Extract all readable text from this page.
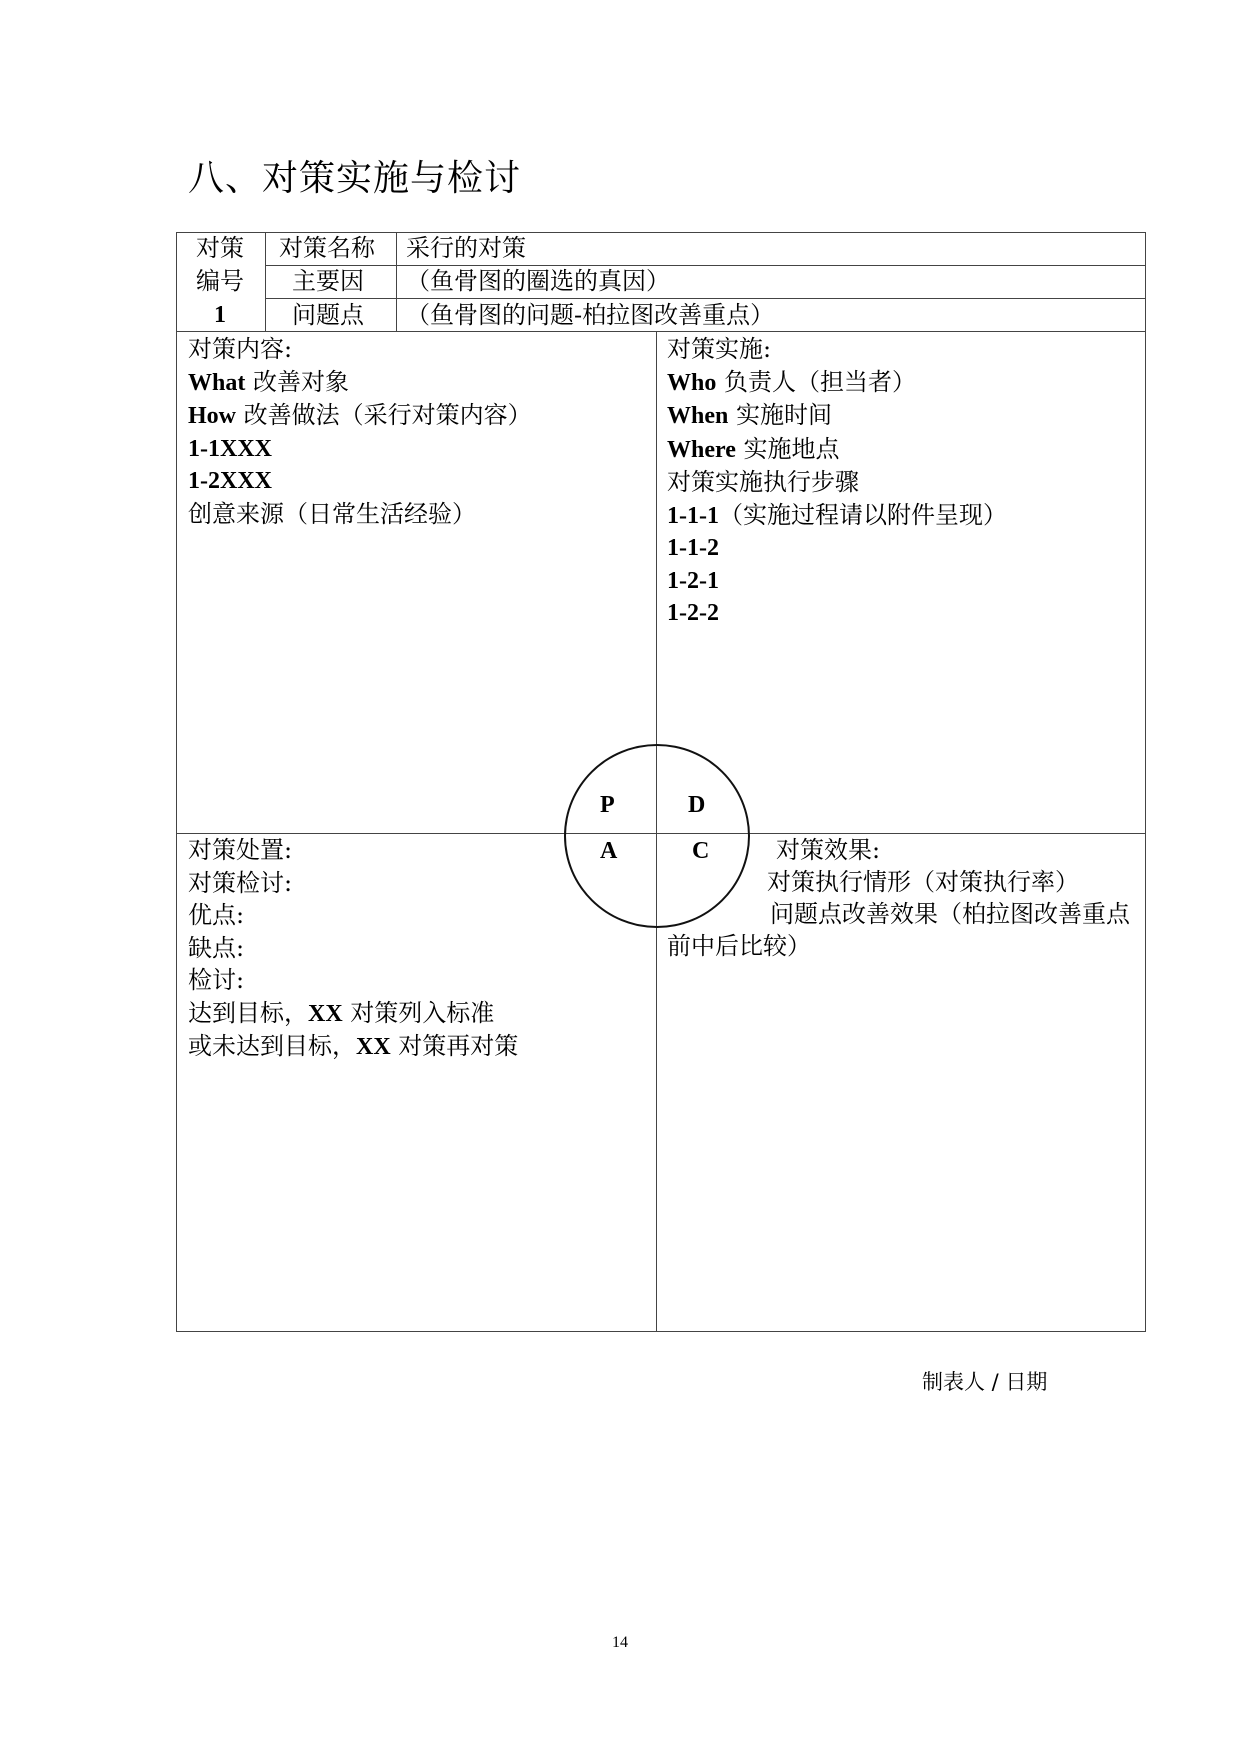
八、对策实施与检讨
对策
编号
1
对策名称 采行的对策
主要因 （鱼骨图的圈选的真因）
问题点 （鱼骨图的问题-柏拉图改善重点）
对策内容:
What 改善对象
How 改善做法（采行对策内容）
1-1XXX
1-2XXX
创意来源（日常生活经验）
对策实施:
Who 负责人（担当者）
When 实施时间
Where 实施地点
对策实施执行步骤
1-1-1（实施过程请以附件呈现）
1-1-2
1-2-1
1-2-2
对策处置:
对策检讨:
优点:
缺点:
检讨:
达到目标，XX 对策列入标准
或未达到目标，XX 对策再对策
对策效果:
对策执行情形（对策执行率）
问题点改善效果（柏拉图改善重点
前中后比较）
P	D
A	C
制表人 / 日期
14
